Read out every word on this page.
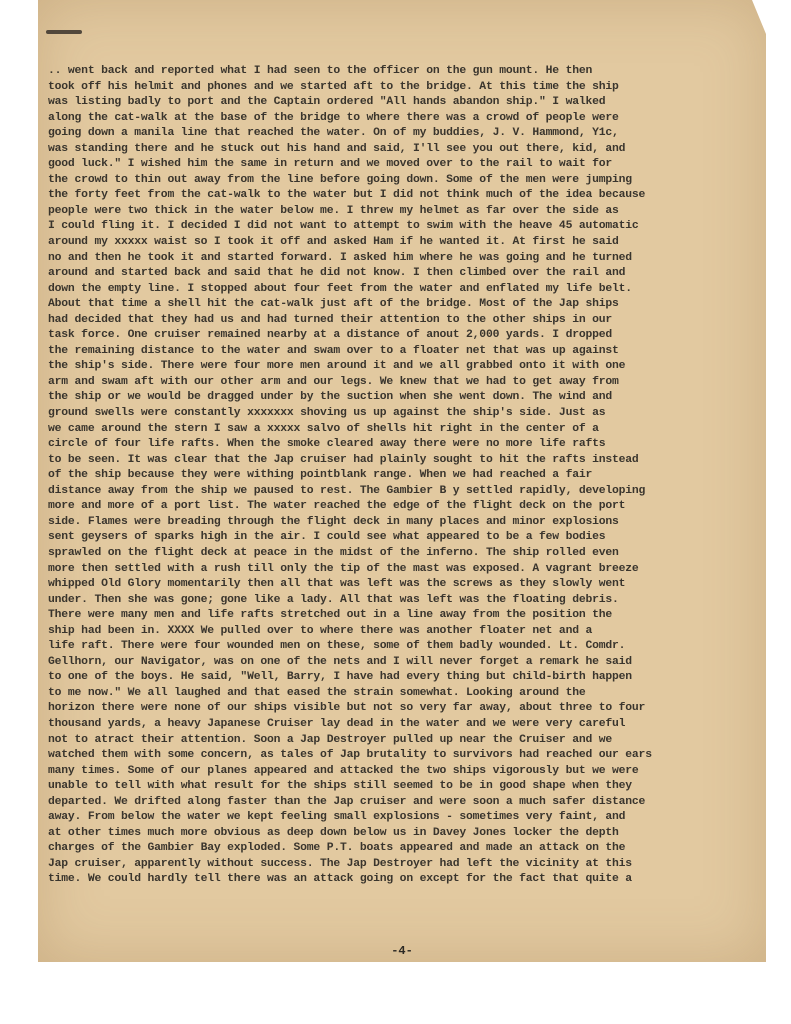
.. went back and reported what I had seen to the officer on the gun mount. He then
took off his helmit and phones and we started aft to the bridge. At this time the ship
was listing badly to port and the Captain ordered "All hands abandon ship." I walked
along the cat-walk at the base of the bridge to where there was a crowd of people were
going down a manila line that reached the water. On of my buddies, J. V. Hammond, Y1c,
was standing there and he stuck out his hand and said, I'll see you out there, kid, and
good luck." I wished him the same in return and we moved over to the rail to wait for
the crowd to thin out away from the line before going down. Some of the men were jumping
the forty feet from the cat-walk to the water but I did not think much of the idea because
people were two thick in the water below me. I threw my helmet as far over the side as
I could fling it. I decided I did not want to attempt to swim with the heave 45 automatic
around my xxxxx waist so I took it off and asked Ham if he wanted it. At first he said
no and then he took it and started forward. I asked him where he was going and he turned
around and started back and said that he did not know. I then climbed over the rail and
down the empty line. I stopped about four feet from the water and enflated my life belt.
About that time a shell hit the cat-walk just aft of the bridge. Most of the Jap ships
had decided that they had us and had turned their attention to the other ships in our
task force. One cruiser remained nearby at a distance of anout 2,000 yards. I dropped
the remaining distance to the water and swam over to a floater net that was up against
the ship's side. There were four more men around it and we all grabbed onto it with one
arm and swam aft with our other arm and our legs. We knew that we had to get away from
the ship or we would be dragged under by the suction when she went down. The wind and
ground swells were constantly xxxxxxx shoving us up against the ship's side. Just as
we came around the stern I saw a xxxxx salvo of shells hit right in the center of a
circle of four life rafts. When the smoke cleared away there were no more life rafts
to be seen. It was clear that the Jap cruiser had plainly sought to hit the rafts instead
of the ship because they were withing pointblank range. When we had reached a fair
distance away from the ship we paused to rest. The Gambier B y settled rapidly, developing
more and more of a port list. The water reached the edge of the flight deck on the port
side. Flames were breading through the flight deck in many places and minor explosions
sent geysers of sparks high in the air. I could see what appeared to be a few bodies
sprawled on the flight deck at peace in the midst of the inferno. The ship rolled even
more then settled with a rush till only the tip of the mast was exposed. A vagrant breeze
whipped Old Glory momentarily then all that was left was the screws as they slowly went
under. Then she was gone; gone like a lady. All that was left was the floating debris.
There were many men and life rafts stretched out in a line away from the position the
ship had been in. XXXX We pulled over to where there was another floater net and a
life raft. There were four wounded men on these, some of them badly wounded. Lt. Comdr.
Gellhorn, our Navigator, was on one of the nets and I will never forget a remark he said
to one of the boys. He said, "Well, Barry, I have had every thing but child-birth happen
to me now." We all laughed and that eased the strain somewhat. Looking around the
horizon there were none of our ships visible but not so very far away, about three to four
thousand yards, a heavy Japanese Cruiser lay dead in the water and we were very careful
not to atract their attention. Soon a Jap Destroyer pulled up near the Cruiser and we
watched them with some concern, as tales of Jap brutality to survivors had reached our ears
many times. Some of our planes appeared and attacked the two ships vigorously but we were
unable to tell with what result for the ships still seemed to be in good shape when they
departed. We drifted along faster than the Jap cruiser and were soon a much safer distance
away. From below the water we kept feeling small explosions - sometimes very faint, and
at other times much more obvious as deep down below us in Davey Jones locker the depth
charges of the Gambier Bay exploded. Some P.T. boats appeared and made an attack on the
Jap cruiser, apparently without success. The Jap Destroyer had left the vicinity at this
time. We could hardly tell there was an attack going on except for the fact that quite a
-4-
